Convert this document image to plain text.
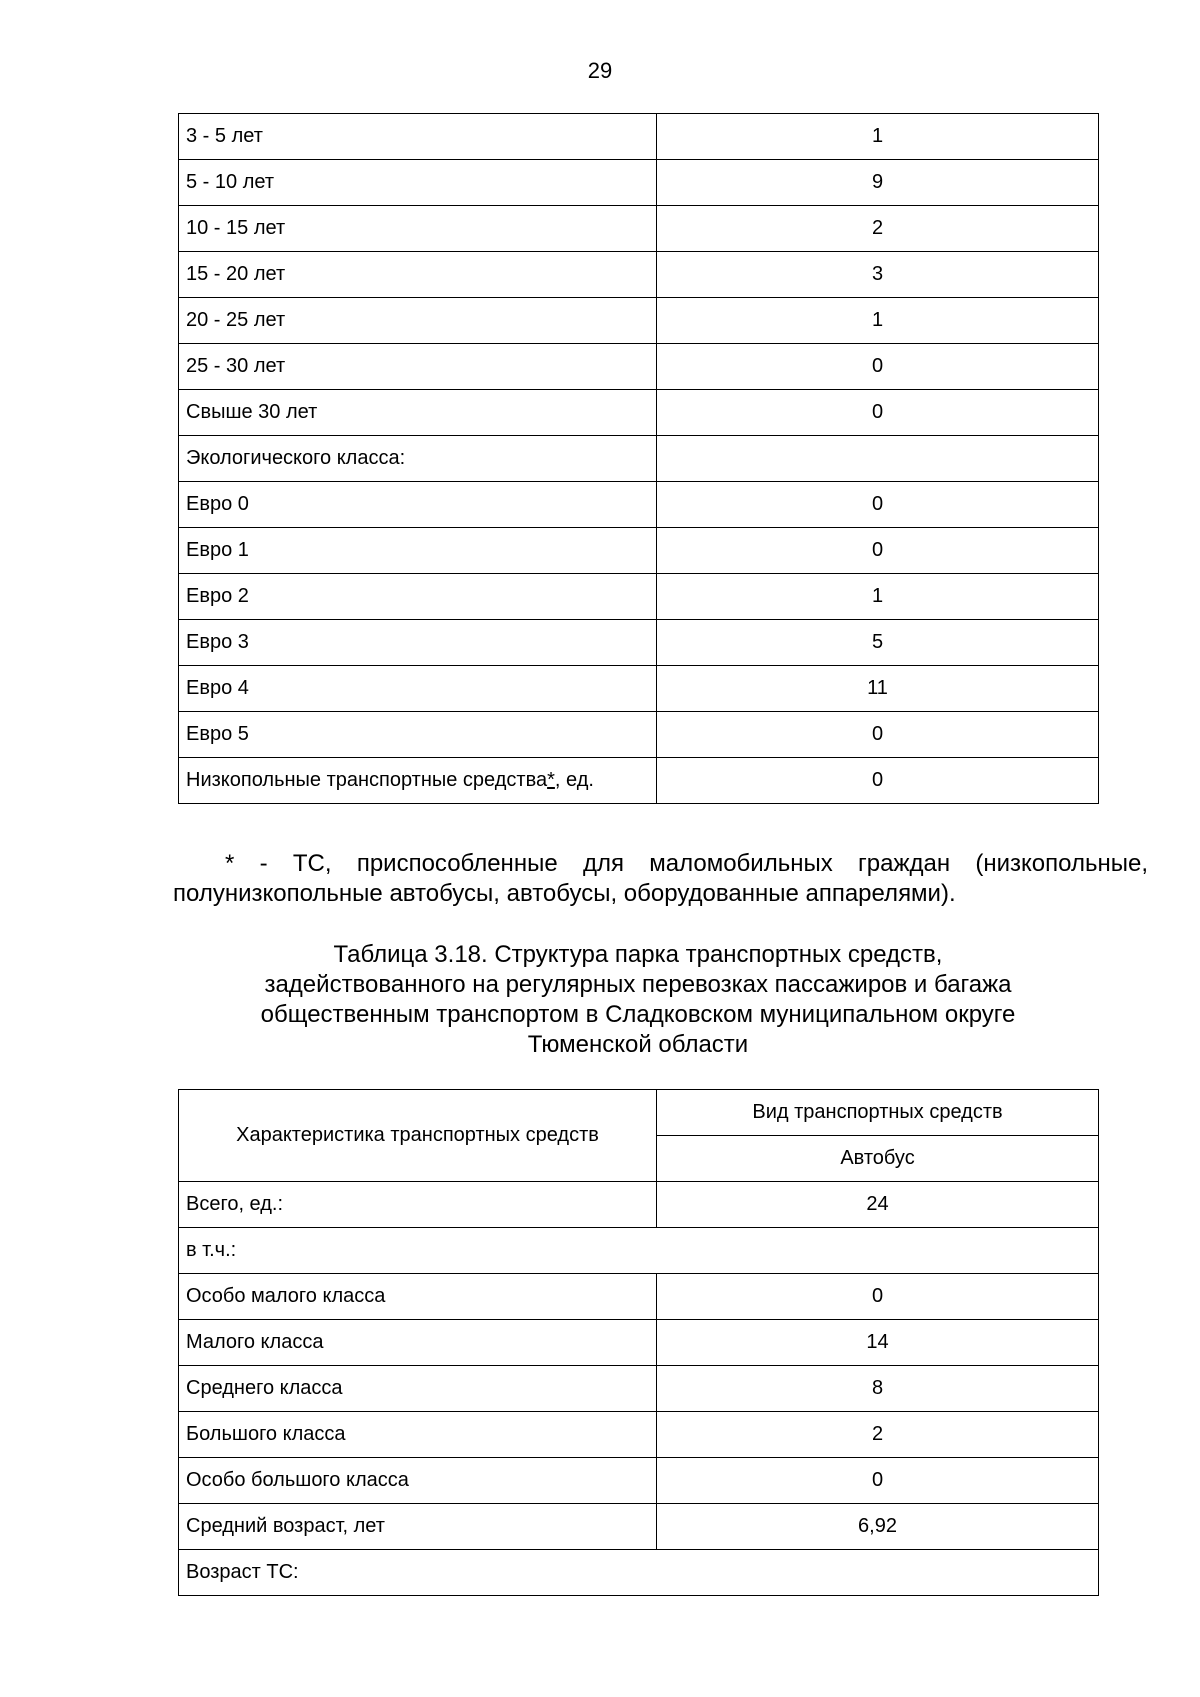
29
3 - 5 лет	1
5 - 10 лет	9
10 - 15 лет	2
15 - 20 лет	3
20 - 25 лет	1
25 - 30 лет	0
Свыше 30 лет	0
Экологического класса:	
Евро 0	0
Евро 1	0
Евро 2	1
Евро 3	5
Евро 4	11
Евро 5	0
Низкопольные транспортные средства*, ед.	0
* - ТС, приспособленные для маломобильных граждан (низкопольные, полунизкопольные автобусы, автобусы, оборудованные аппарелями).
Таблица 3.18. Структура парка транспортных средств,
задействованного на регулярных перевозках пассажиров и багажа
общественным транспортом в Сладковском муниципальном округе
Тюменской области
Характеристика транспортных средств	Вид транспортных средств
	Автобус
Всего, ед.:	24
в т.ч.:	
Особо малого класса	0
Малого класса	14
Среднего класса	8
Большого класса	2
Особо большого класса	0
Средний возраст, лет	6,92
Возраст ТС:	
